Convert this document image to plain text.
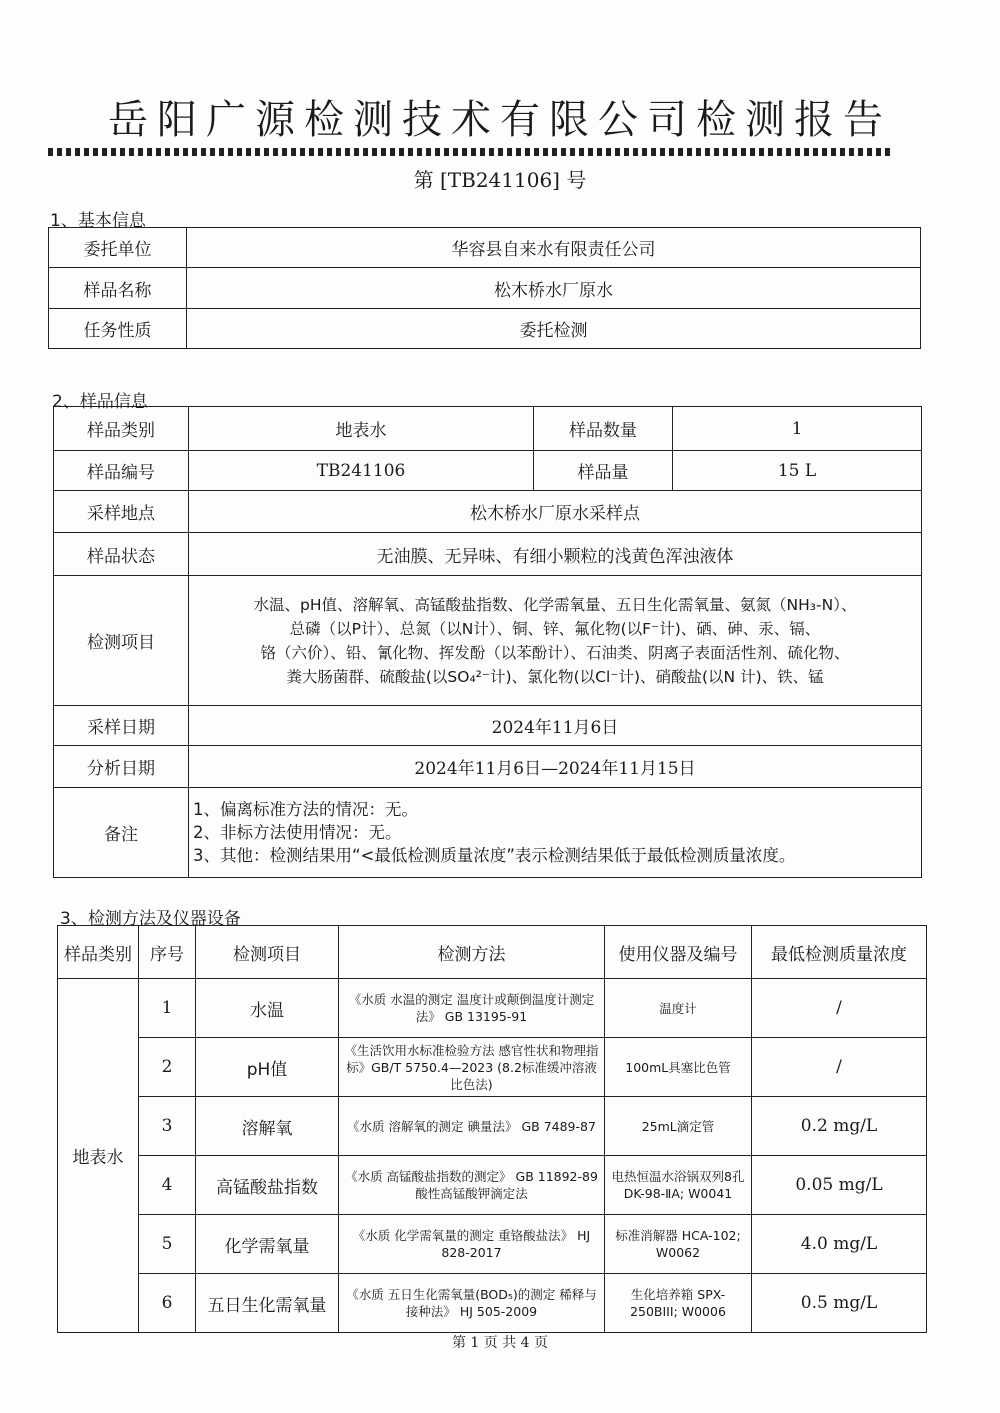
岳阳广源检测技术有限公司检测报告
第 [TB241106] 号
1、基本信息
委托单位	华容县自来水有限责任公司
样品名称	松木桥水厂原水
任务性质	委托检测
2、样品信息
样品类别	地表水	样品数量	1
样品编号	TB241106	样品量	15 L
采样地点	松木桥水厂原水采样点		
样品状态	无油膜、无异味、有细小颗粒的浅黄色浑浊液体		
检测项目	水温、pH值、溶解氧、高锰酸盐指数、化学需氧量、五日生化需氧量、氨氮（NH₃-N）、
总磷（以P计）、总氮（以N计）、铜、锌、氟化物(以F⁻计)、硒、砷、汞、镉、
铬（六价）、铅、氰化物、挥发酚（以苯酚计）、石油类、阴离子表面活性剂、硫化物、
粪大肠菌群、硫酸盐(以SO₄²⁻计)、氯化物(以Cl⁻计)、硝酸盐(以N 计)、铁、锰		

采样日期	2024年11月6日		
分析日期	2024年11月6日—2024年11月15日		
备注	1、偏离标准方法的情况：无。
2、非标方法使用情况：无。
3、其他：检测结果用“<最低检测质量浓度”表示检测结果低于最低检测质量浓度。		
3、检测方法及仪器设备
样品类别	序号	检测项目	检测方法	使用仪器及编号	最低检测质量浓度
地表水	1	水温	《水质 水温的测定 温度计或颠倒温度计测定法》 GB 13195-91	温度计	/
	2	pH值	《生活饮用水标准检验方法 感官性状和物理指标》GB/T 5750.4—2023 (8.2标准缓冲溶液比色法)	100mL具塞比色管	/
	3	溶解氧	《水质 溶解氧的测定 碘量法》 GB 7489-87	25mL滴定管	0.2 mg/L
	4	高锰酸盐指数	《水质 高锰酸盐指数的测定》 GB 11892-89 酸性高锰酸钾滴定法	电热恒温水浴锅双列8孔 DK-98-ⅡA; W0041	0.05 mg/L
	5	化学需氧量	《水质 化学需氧量的测定 重铬酸盐法》 HJ 828-2017	标准消解器 HCA-102; W0062	4.0 mg/L
	6	五日生化需氧量	《水质 五日生化需氧量(BOD₅)的测定 稀释与接种法》 HJ 505-2009	生化培养箱 SPX-250BIII; W0006	0.5 mg/L
第 1 页 共 4 页
